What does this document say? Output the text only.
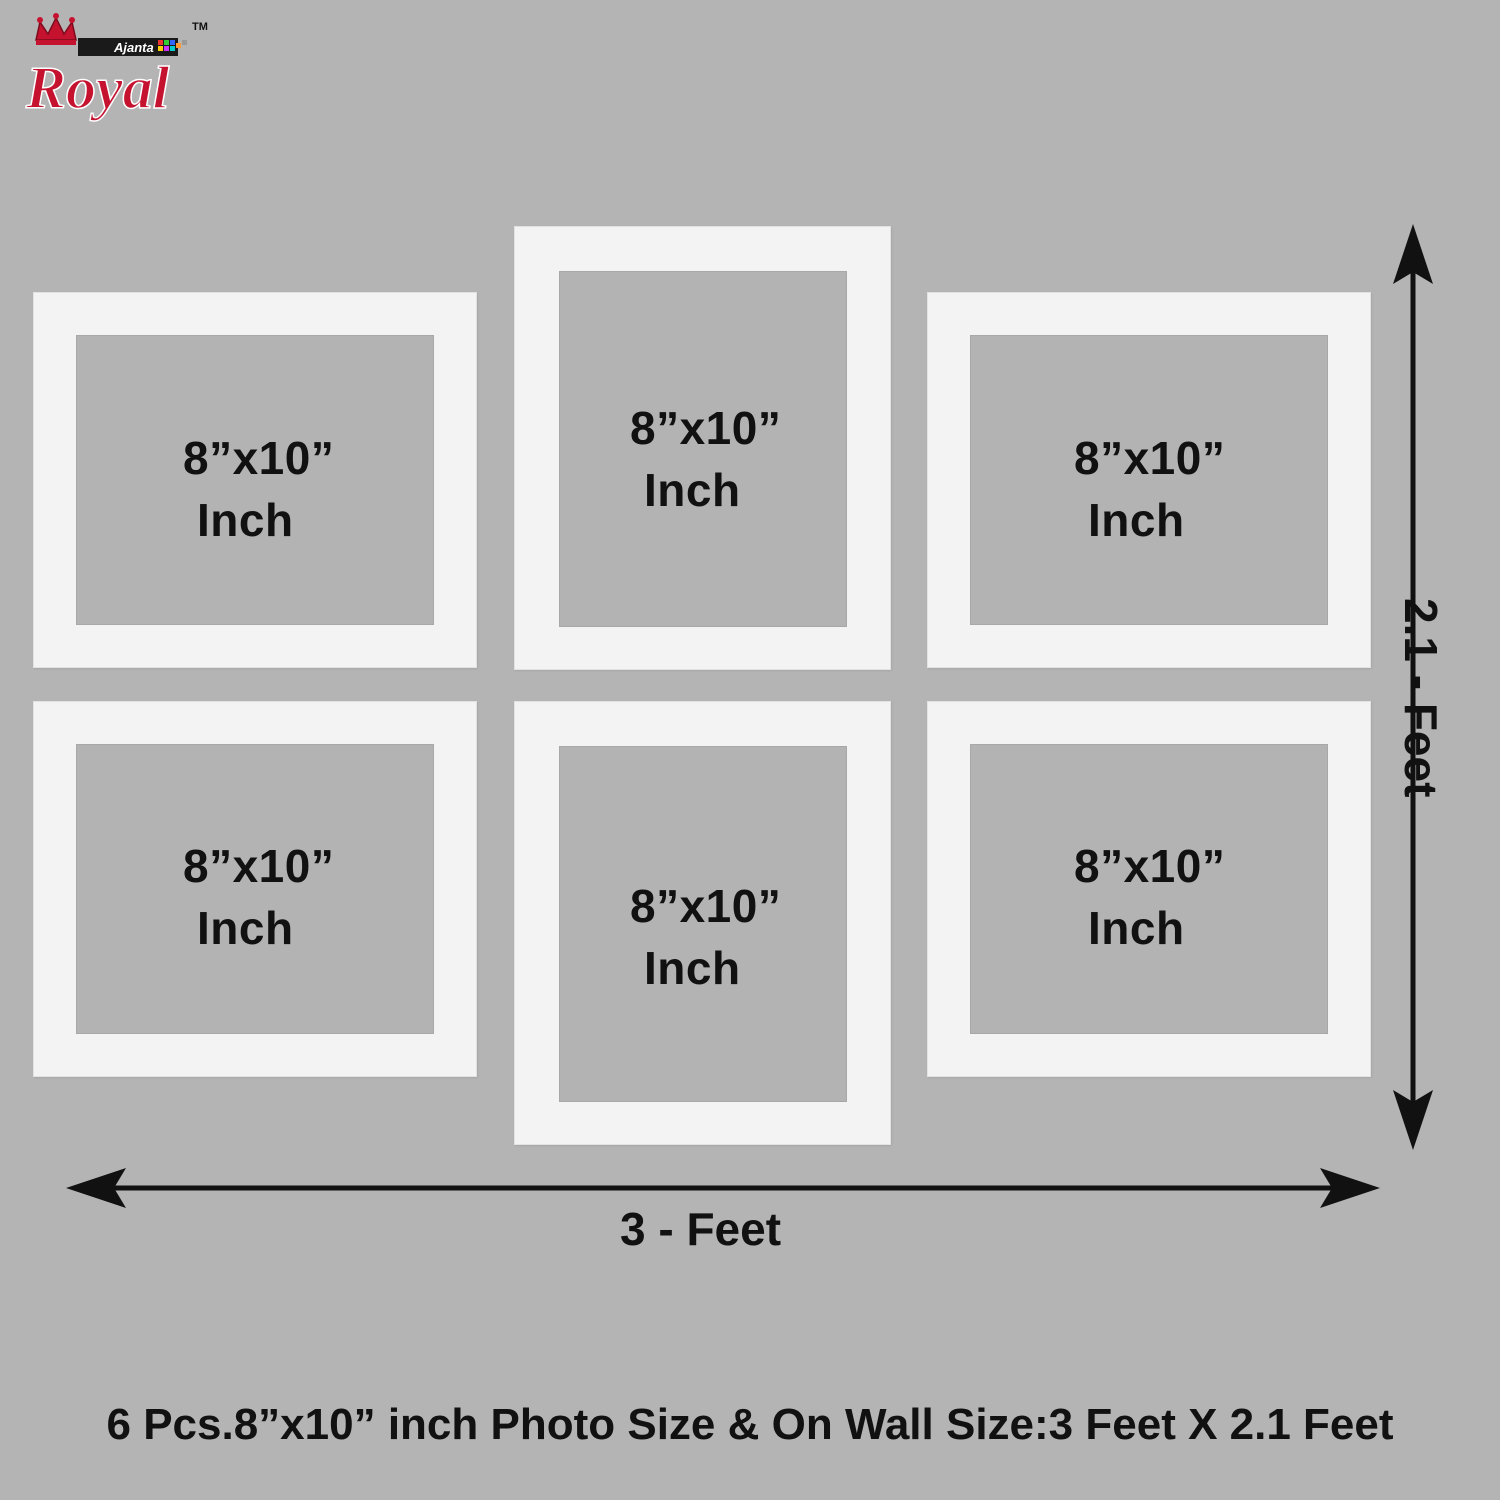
Ajanta
Royal
TM
8”x10”
Inch
8”x10”
Inch
8”x10”
Inch
8”x10”
Inch	8”x10”
Inch
8”x10”
Inch
3 - Feet
2.1 - Feet
6 Pcs.8”x10” inch Photo Size & On Wall Size:3 Feet X 2.1 Feet
